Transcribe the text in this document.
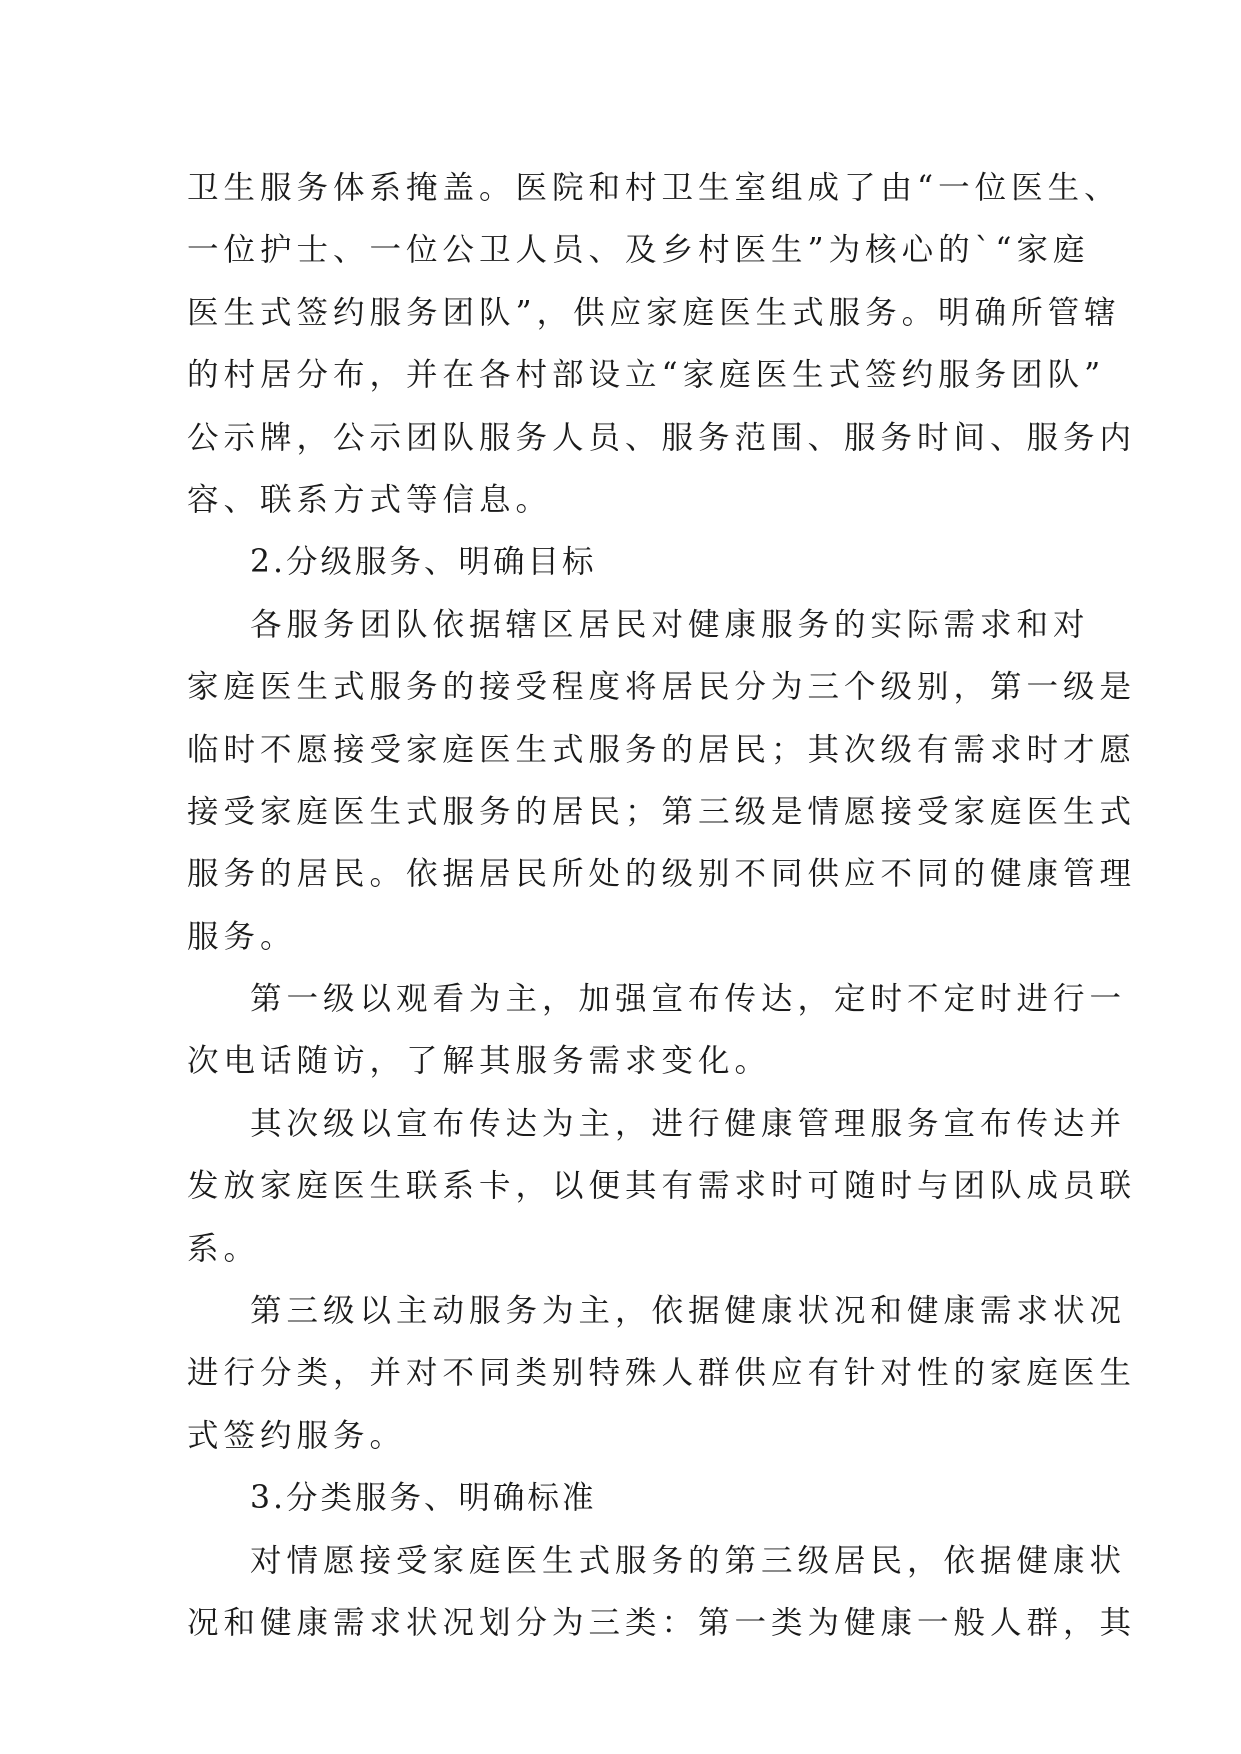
卫生服务体系掩盖。医院和村卫生室组成了由“一位医生、
一位护士、一位公卫人员、及乡村医生”为核心的`“家庭
医生式签约服务团队”，供应家庭医生式服务。明确所管辖
的村居分布，并在各村部设立“家庭医生式签约服务团队”
公示牌，公示团队服务人员、服务范围、服务时间、服务内
容、联系方式等信息。
2.分级服务、明确目标
各服务团队依据辖区居民对健康服务的实际需求和对
家庭医生式服务的接受程度将居民分为三个级别，第一级是
临时不愿接受家庭医生式服务的居民；其次级有需求时才愿
接受家庭医生式服务的居民；第三级是情愿接受家庭医生式
服务的居民。依据居民所处的级别不同供应不同的健康管理
服务。
第一级以观看为主，加强宣布传达，定时不定时进行一
次电话随访，了解其服务需求变化。
其次级以宣布传达为主，进行健康管理服务宣布传达并
发放家庭医生联系卡，以便其有需求时可随时与团队成员联
系。
第三级以主动服务为主，依据健康状况和健康需求状况
进行分类，并对不同类别特殊人群供应有针对性的家庭医生
式签约服务。
3.分类服务、明确标准
对情愿接受家庭医生式服务的第三级居民，依据健康状
况和健康需求状况划分为三类：第一类为健康一般人群，其
